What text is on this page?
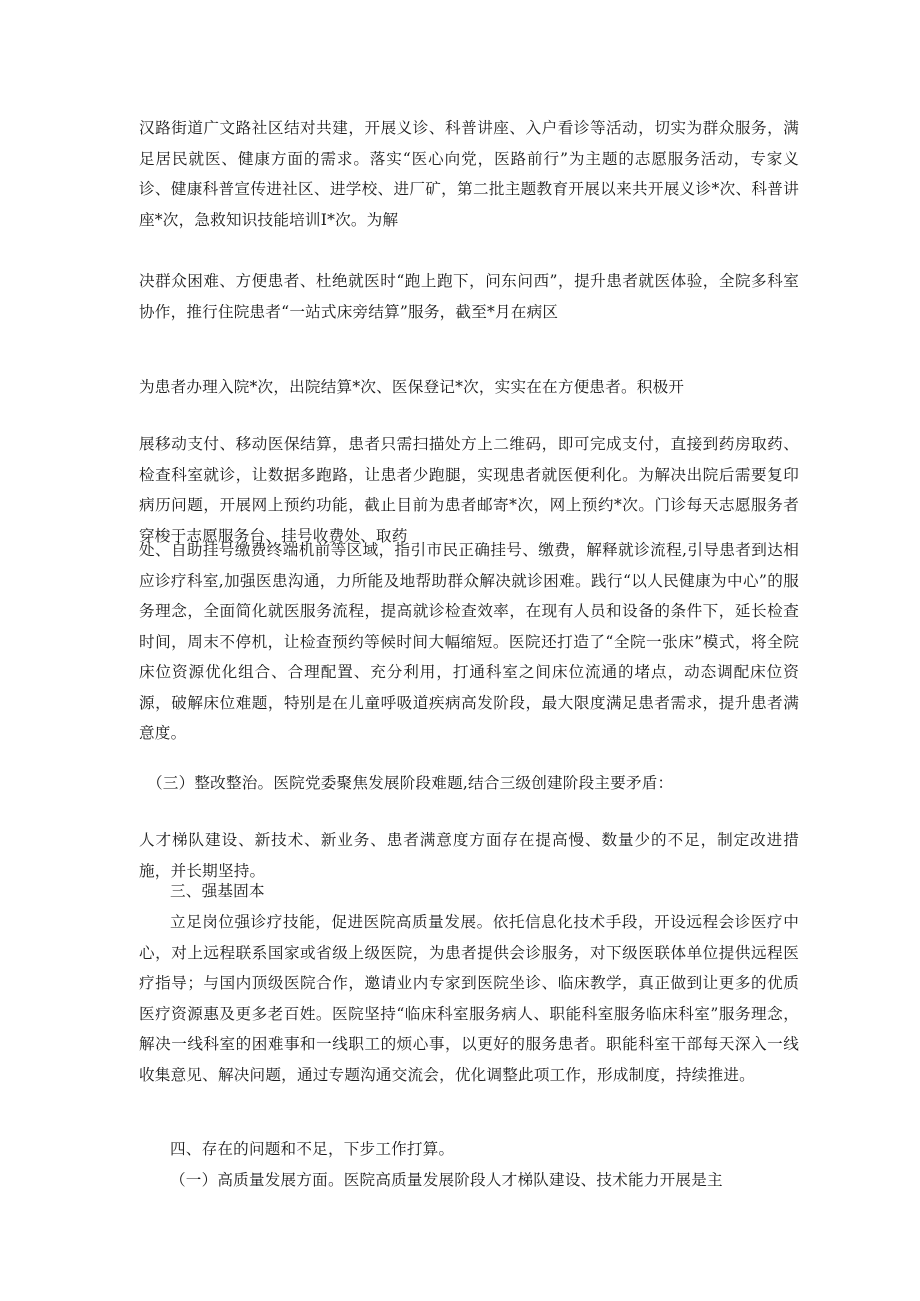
汉路街道广文路社区结对共建，开展义诊、科普讲座、入户看诊等活动，切实为群众服务，满足居民就医、健康方面的需求。落实“医心向党，医路前行”为主题的志愿服务活动，专家义诊、健康科普宣传进社区、进学校、进厂矿，第二批主题教育开展以来共开展义诊*次、科普讲座*次，急救知识技能培训I*次。为解

决群众困难、方便患者、杜绝就医时“跑上跑下，问东问西”，提升患者就医体验，全院多科室协作，推行住院患者“一站式床旁结算”服务，截至*月在病区

为患者办理入院*次，出院结算*次、医保登记*次，实实在在方便患者。积极开

展移动支付、移动医保结算，患者只需扫描处方上二维码，即可完成支付，直接到药房取药、检查科室就诊，让数据多跑路，让患者少跑腿，实现患者就医便利化。为解决出院后需要复印病历问题，开展网上预约功能，截止目前为患者邮寄*次，网上预约*次。门诊每天志愿服务者穿梭于志愿服务台、挂号收费处、取药

处、自助挂号缴费终端机前等区域，指引市民正确挂号、缴费，解释就诊流程,引导患者到达相应诊疗科室,加强医患沟通，力所能及地帮助群众解决就诊困难。践行“以人民健康为中心”的服务理念，全面简化就医服务流程，提高就诊检查效率，在现有人员和设备的条件下，延长检查时间，周末不停机，让检查预约等候时间大幅缩短。医院还打造了“全院一张床”模式，将全院床位资源优化组合、合理配置、充分利用，打通科室之间床位流通的堵点，动态调配床位资源，破解床位难题，特别是在儿童呼吸道疾病高发阶段，最大限度满足患者需求，提升患者满意度。

（三）整改整治。医院党委聚焦发展阶段难题,结合三级创建阶段主要矛盾：

人才梯队建设、新技术、新业务、患者满意度方面存在提高慢、数量少的不足，制定改进措施，并长期坚持。

三、强基固本

立足岗位强诊疗技能，促进医院高质量发展。依托信息化技术手段，开设远程会诊医疗中心，对上远程联系国家或省级上级医院，为患者提供会诊服务，对下级医联体单位提供远程医疗指导；与国内顶级医院合作，邀请业内专家到医院坐诊、临床教学，真正做到让更多的优质医疗资源惠及更多老百姓。医院坚持“临床科室服务病人、职能科室服务临床科室”服务理念，解决一线科室的困难事和一线职工的烦心事，以更好的服务患者。职能科室干部每天深入一线收集意见、解决问题，通过专题沟通交流会，优化调整此项工作，形成制度，持续推进。

四、存在的问题和不足，下步工作打算。

（一）高质量发展方面。医院高质量发展阶段人才梯队建设、技术能力开展是主
